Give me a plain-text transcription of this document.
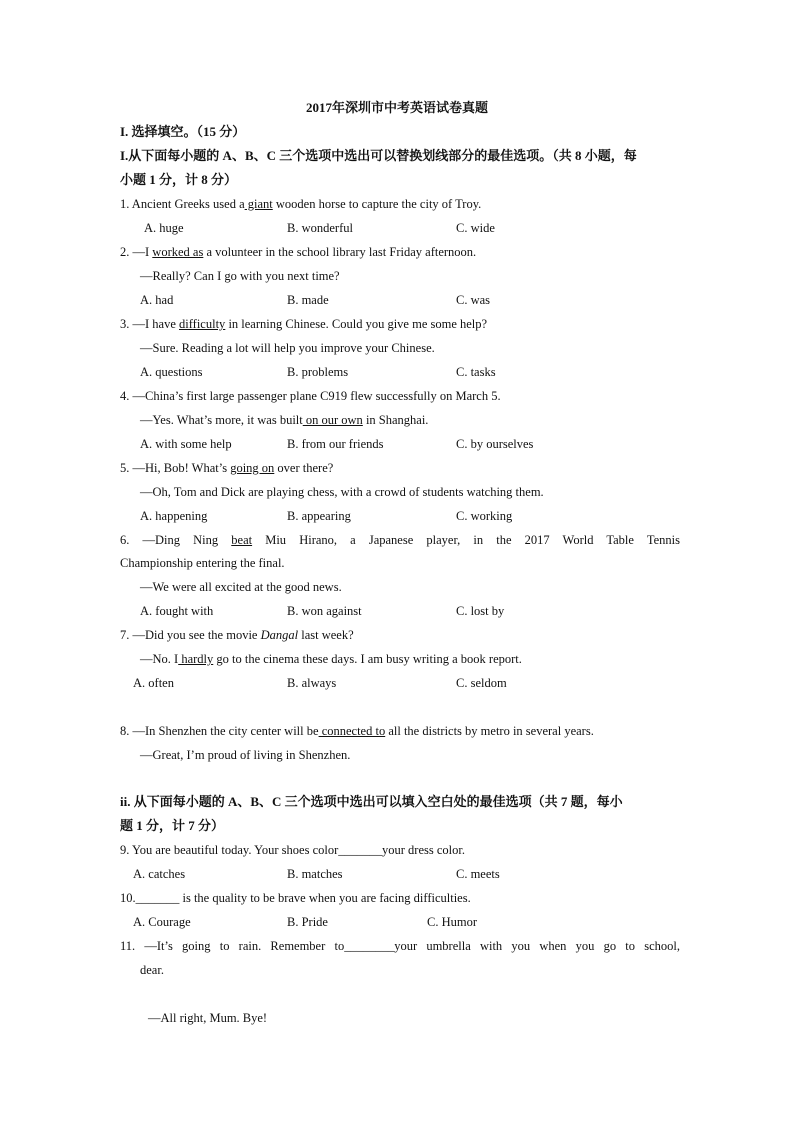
2017年深圳市中考英语试卷真题
I. 选择填空。（15 分）
I.从下面每小题的 A、B、C 三个选项中选出可以替换划线部分的最佳选项。（共 8 小题，每
小题 1 分，计 8 分）
1. Ancient Greeks used a giant wooden horse to capture the city of Troy.
A. huge	B. wonderful	C. wide
2. —I worked as a volunteer in the school library last Friday afternoon.
—Really? Can I go with you next time?
A. had	B. made	C. was
3. —I have difficulty in learning Chinese. Could you give me some help?
—Sure. Reading a lot will help you improve your Chinese.
A. questions	B. problems	C. tasks
4. —China’s first large passenger plane C919 flew successfully on March 5.
—Yes. What’s more, it was built on our own in Shanghai.
A. with some help	B. from our friends	C. by ourselves
5. —Hi, Bob! What’s going on over there?
—Oh, Tom and Dick are playing chess, with a crowd of students watching them.
A. happening	B. appearing	C. working
6. —Ding Ning beat Miu Hirano, a Japanese player, in the 2017 World Table Tennis
Championship entering the final.
—We were all excited at the good news.
A. fought with	B. won against	C. lost by
7. —Did you see the movie Dangal last week?
—No. I hardly go to the cinema these days. I am busy writing a book report.
A. often	B. always	C. seldom
8. —In Shenzhen the city center will be connected to all the districts by metro in several years.
—Great, I’m proud of living in Shenzhen.
ii. 从下面每小题的 A、B、C 三个选项中选出可以填入空白处的最佳选项（共 7 题，每小
题 1 分，计 7 分）
9. You are beautiful today. Your shoes color_______your dress color.
A. catches	B. matches	C. meets
10._______ is the quality to be brave when you are facing difficulties.
A. Courage	B. Pride	C. Humor
11. —It’s going to rain. Remember to________your umbrella with you when you go to school,
dear.
—All right, Mum. Bye!
